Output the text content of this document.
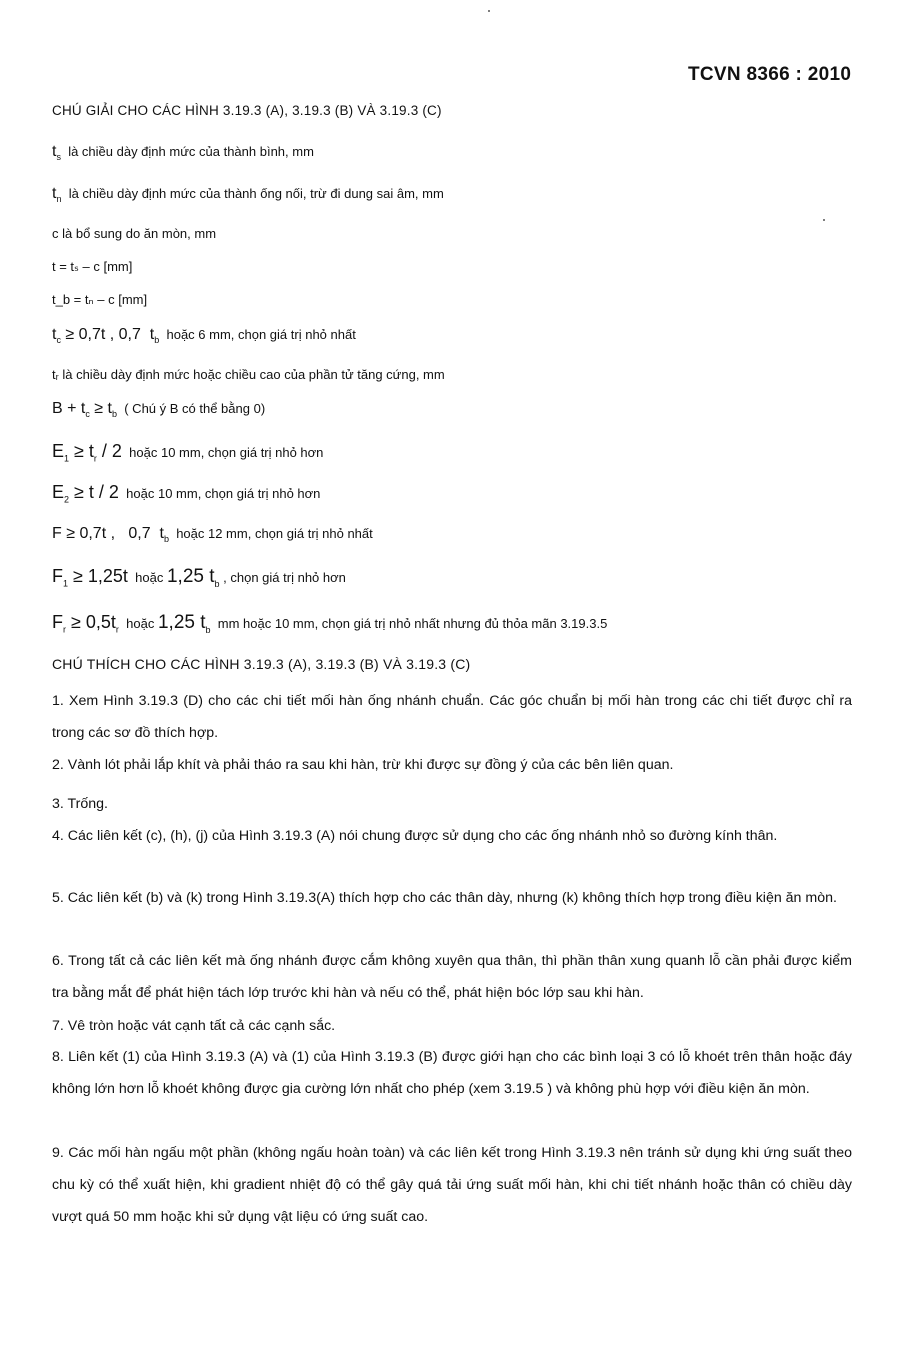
TCVN 8366 : 2010
CHÚ GIẢI CHO CÁC HÌNH 3.19.3 (A), 3.19.3 (B) VÀ 3.19.3 (C)
$t_s$ là chiều dày định mức của thành bình, mm
$t_n$ là chiều dày định mức của thành ống nối, trừ đi dung sai âm, mm
c là bổ sung do ăn mòn, mm
t = tₛ – c [mm]
t_b = tₙ – c [mm]
$t_c \ge 0,7t$ , 0,7  $t_b$ hoặc 6 mm, chọn giá trị nhỏ nhất
tᵣ là chiều dày định mức hoặc chiều cao của phần tử tăng cứng, mm
$B + t_c \ge t_b$ ( Chú ý B có thể bằng 0)
$E_1 \ge t_r / 2$ hoặc 10 mm, chọn giá trị nhỏ hơn
$E_2 \ge t / 2$ hoặc 10 mm, chọn giá trị nhỏ hơn
F ≥ 0,7t ,   0,7  $t_b$ hoặc 12 mm, chọn giá trị nhỏ nhất
$F_1 \ge 1,25t$  hoặc 1,25 $t_b$ , chọn giá trị nhỏ hơn
$F_r \ge 0,5t_r$ hoặc 1,25 $t_b$ mm hoặc 10 mm, chọn giá trị nhỏ nhất nhưng đủ thỏa mãn 3.19.3.5
CHÚ THÍCH CHO CÁC HÌNH 3.19.3 (A), 3.19.3 (B) VÀ 3.19.3 (C)
1. Xem Hình 3.19.3 (D) cho các chi tiết mối hàn ống nhánh chuẩn. Các góc chuẩn bị mối hàn trong các chi tiết được chỉ ra trong các sơ đồ thích hợp.
2. Vành lót phải lắp khít và phải tháo ra sau khi hàn, trừ khi được sự đồng ý của các bên liên quan.
3. Trống.
4. Các liên kết (c), (h), (j) của Hình 3.19.3 (A) nói chung được sử dụng cho các ống nhánh nhỏ so đường kính thân.
5. Các liên kết (b) và (k) trong Hình 3.19.3(A) thích hợp cho các thân dày, nhưng (k) không thích hợp trong điều kiện ăn mòn.
6. Trong tất cả các liên kết mà ống nhánh được cắm không xuyên qua thân, thì phần thân xung quanh lỗ cần phải được kiểm tra bằng mắt để phát hiện tách lớp trước khi hàn và nếu có thể, phát hiện bóc lớp sau khi hàn.
7. Vê tròn hoặc vát cạnh tất cả các cạnh sắc.
8. Liên kết (1) của Hình 3.19.3 (A) và (1) của Hình 3.19.3 (B) được giới hạn cho các bình loại 3 có lỗ khoét trên thân hoặc đáy không lớn hơn lỗ khoét không được gia cường lớn nhất cho phép (xem 3.19.5 ) và không phù hợp với điều kiện ăn mòn.
9. Các mối hàn ngấu một phần (không ngấu hoàn toàn) và các liên kết trong Hình 3.19.3 nên tránh sử dụng khi ứng suất theo chu kỳ có thể xuất hiện, khi gradient nhiệt độ có thể gây quá tải ứng suất mối hàn, khi chi tiết nhánh hoặc thân có chiều dày vượt quá 50 mm hoặc khi sử dụng vật liệu có ứng suất cao.
